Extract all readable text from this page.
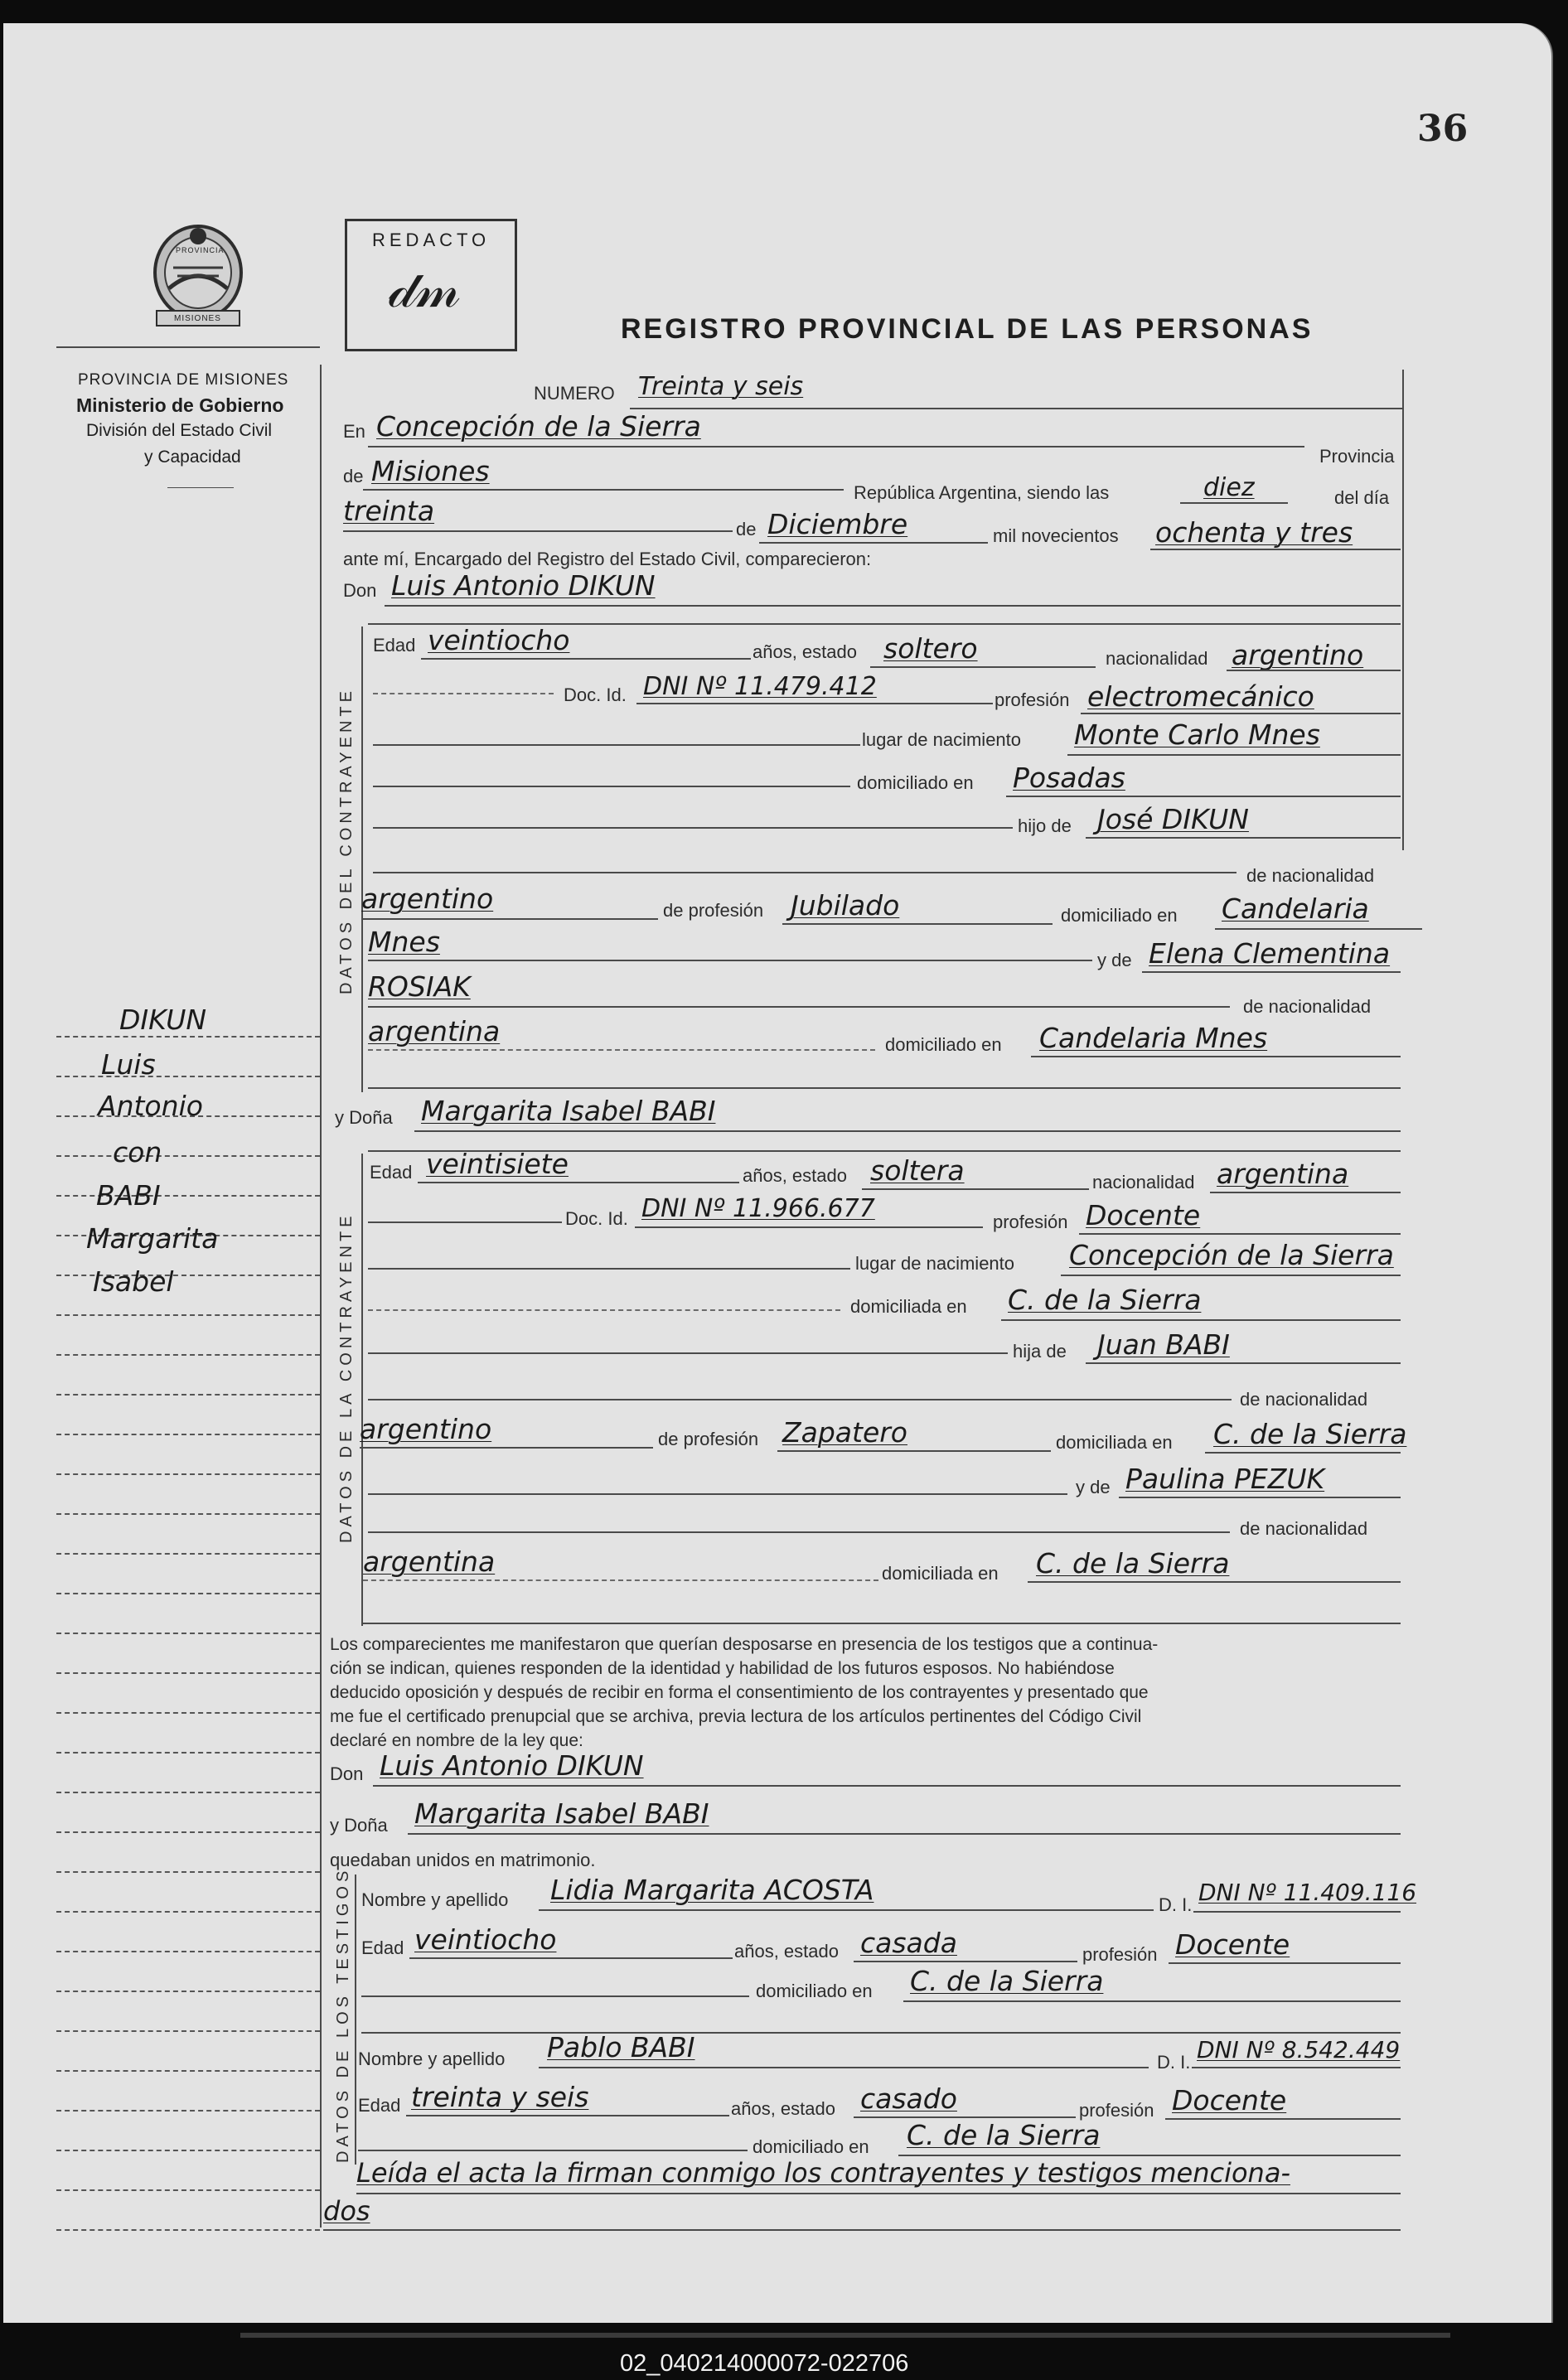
36
PROVINCIA
MISIONES
PROVINCIA DE MISIONES
Ministerio de Gobierno
División del Estado Civil
y Capacidad
REDACTO
𝒹𝓂
REGISTRO PROVINCIAL DE LAS PERSONAS
NUMERO Treinta y seis
En Concepción de la Sierra
Provincia
de Misiones
República Argentina, siendo las	diez	del día
treinta
de Diciembre	mil novecientos ochenta y tres
ante mí, Encargado del Registro del Estado Civil, comparecieron:
Don Luis Antonio DIKUN
DATOS DEL CONTRAYENTE
Edad veintiocho	años, estado soltero	nacionalidad argentino
Doc. Id. DNI Nº 11.479.412	profesión electromecánico
lugar de nacimiento Monte Carlo Mnes
domiciliado en Posadas
hijo de José DIKUN
de nacionalidad
argentino	de profesión Jubilado	domiciliado en Candelaria
Mnes
y de Elena Clementina
ROSIAK
de nacionalidad
argentina	domiciliado en Candelaria Mnes
y Doña Margarita Isabel BABI
DATOS DE LA CONTRAYENTE
Edad veintisiete	años, estado soltera	nacionalidad argentina
Doc. Id. DNI Nº 11.966.677	profesión Docente
lugar de nacimiento Concepción de la Sierra
domiciliada en C. de la Sierra
hija de Juan BABI
de nacionalidad
argentino	de profesión Zapatero	domiciliada en C. de la Sierra
y de Paulina PEZUK
de nacionalidad
argentina	domiciliada en C. de la Sierra
Los comparecientes me manifestaron que querían desposarse en presencia de los testigos que a continua-
ción se indican, quienes responden de la identidad y habilidad de los futuros esposos. No habiéndose
deducido oposición y después de recibir en forma el consentimiento de los contrayentes y presentado que
me fue el certificado prenupcial que se archiva, previa lectura de los artículos pertinentes del Código Civil
declaré en nombre de la ley que:
Don Luis Antonio DIKUN
y Doña Margarita Isabel BABI
quedaban unidos en matrimonio.
DATOS DE LOS TESTIGOS Nombre y apellido Lidia Margarita ACOSTA	D. I. DNI Nº 11.409.116
Edad veintiocho	años, estado casada	profesión Docente
domiciliado en C. de la Sierra
Nombre y apellido Pablo BABI	D. I. DNI Nº 8.542.449
Edad treinta y seis	años, estado casado	profesión Docente
domiciliado en C. de la Sierra
Leída el acta la firman conmigo los contrayentes y testigos menciona-
dos
DIKUN
Luis
Antonio
con
BABI
Margarita
Isabel
02_040214000072-022706
